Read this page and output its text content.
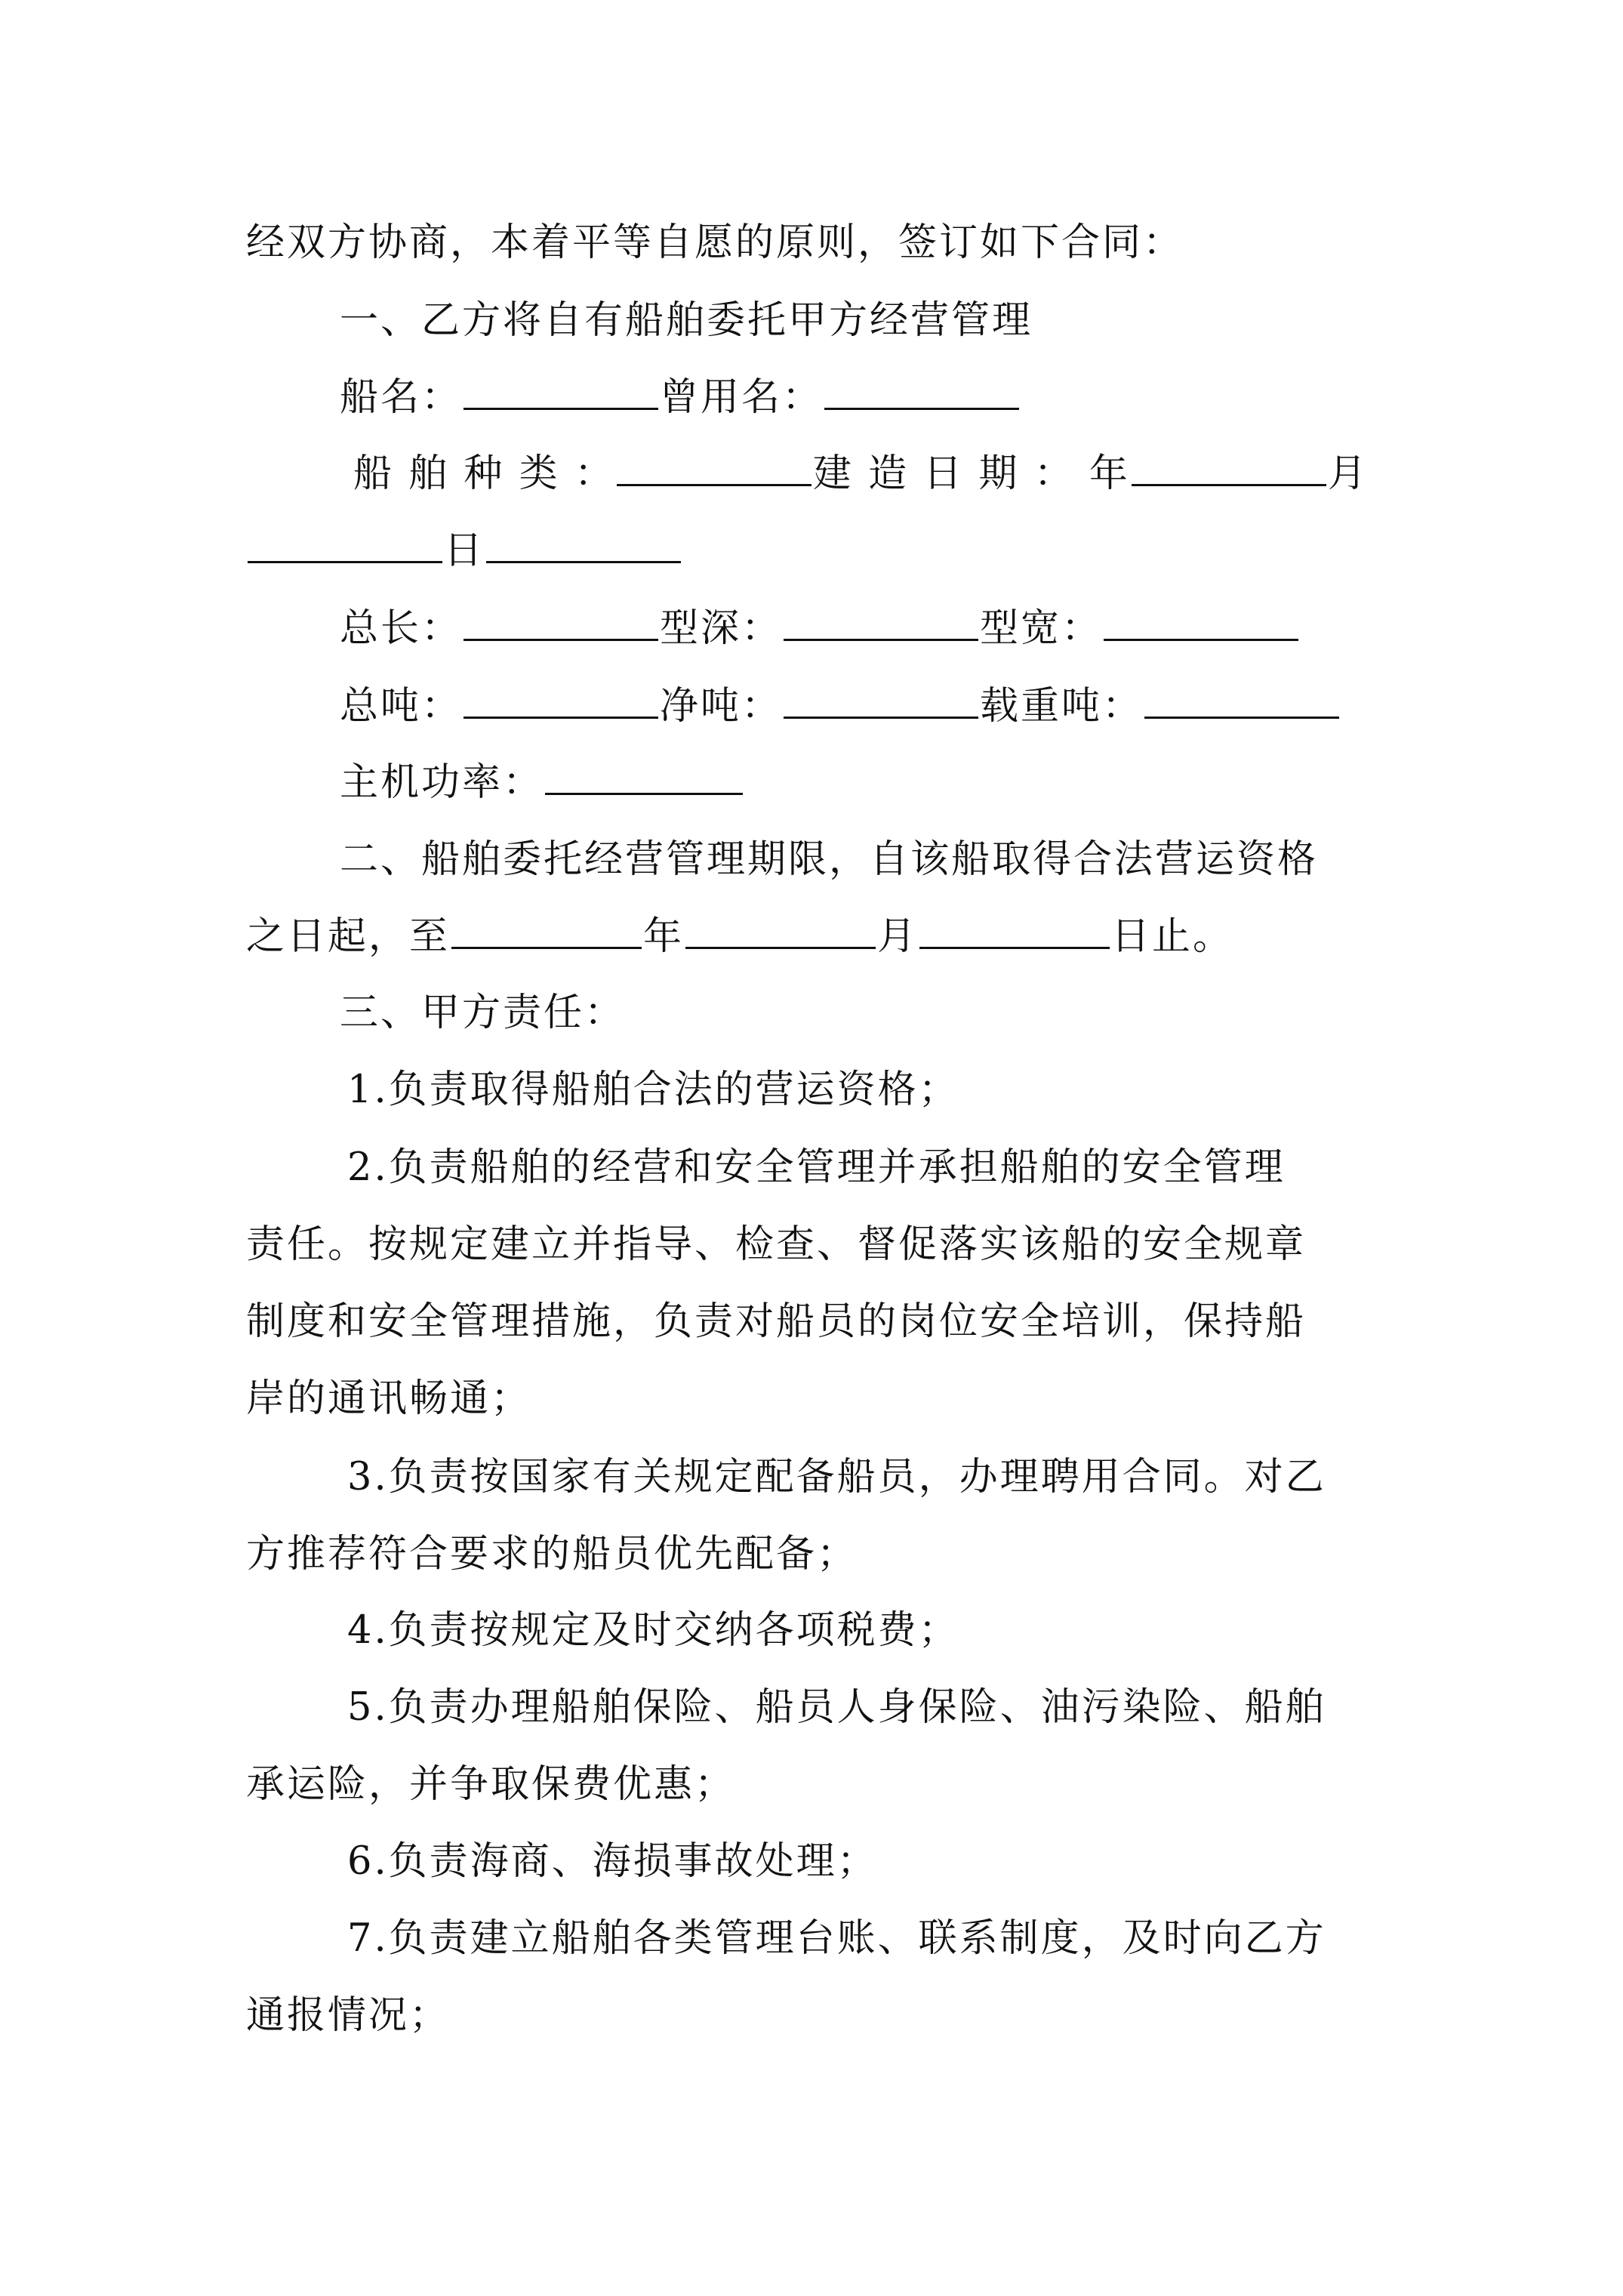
经双方协商，本着平等自愿的原则，签订如下合同：
一、乙方将自有船舶委托甲方经营管理
船名：	曾用名：
船 舶 种 类 ：	建 造 日 期 ： 年	月
日
总长：	型深：	型宽：
总吨：	净吨：	载重吨：
主机功率：
二、船舶委托经营管理期限，自该船取得合法营运资格
之日起，至	年	月	日止。
三、甲方责任：
1.负责取得船舶合法的营运资格；
2.负责船舶的经营和安全管理并承担船舶的安全管理
责任。按规定建立并指导、检查、督促落实该船的安全规章
制度和安全管理措施，负责对船员的岗位安全培训，保持船
岸的通讯畅通；
3.负责按国家有关规定配备船员，办理聘用合同。对乙
方推荐符合要求的船员优先配备；
4.负责按规定及时交纳各项税费；
5.负责办理船舶保险、船员人身保险、油污染险、船舶
承运险，并争取保费优惠；
6.负责海商、海损事故处理；
7.负责建立船舶各类管理台账、联系制度，及时向乙方
通报情况；
